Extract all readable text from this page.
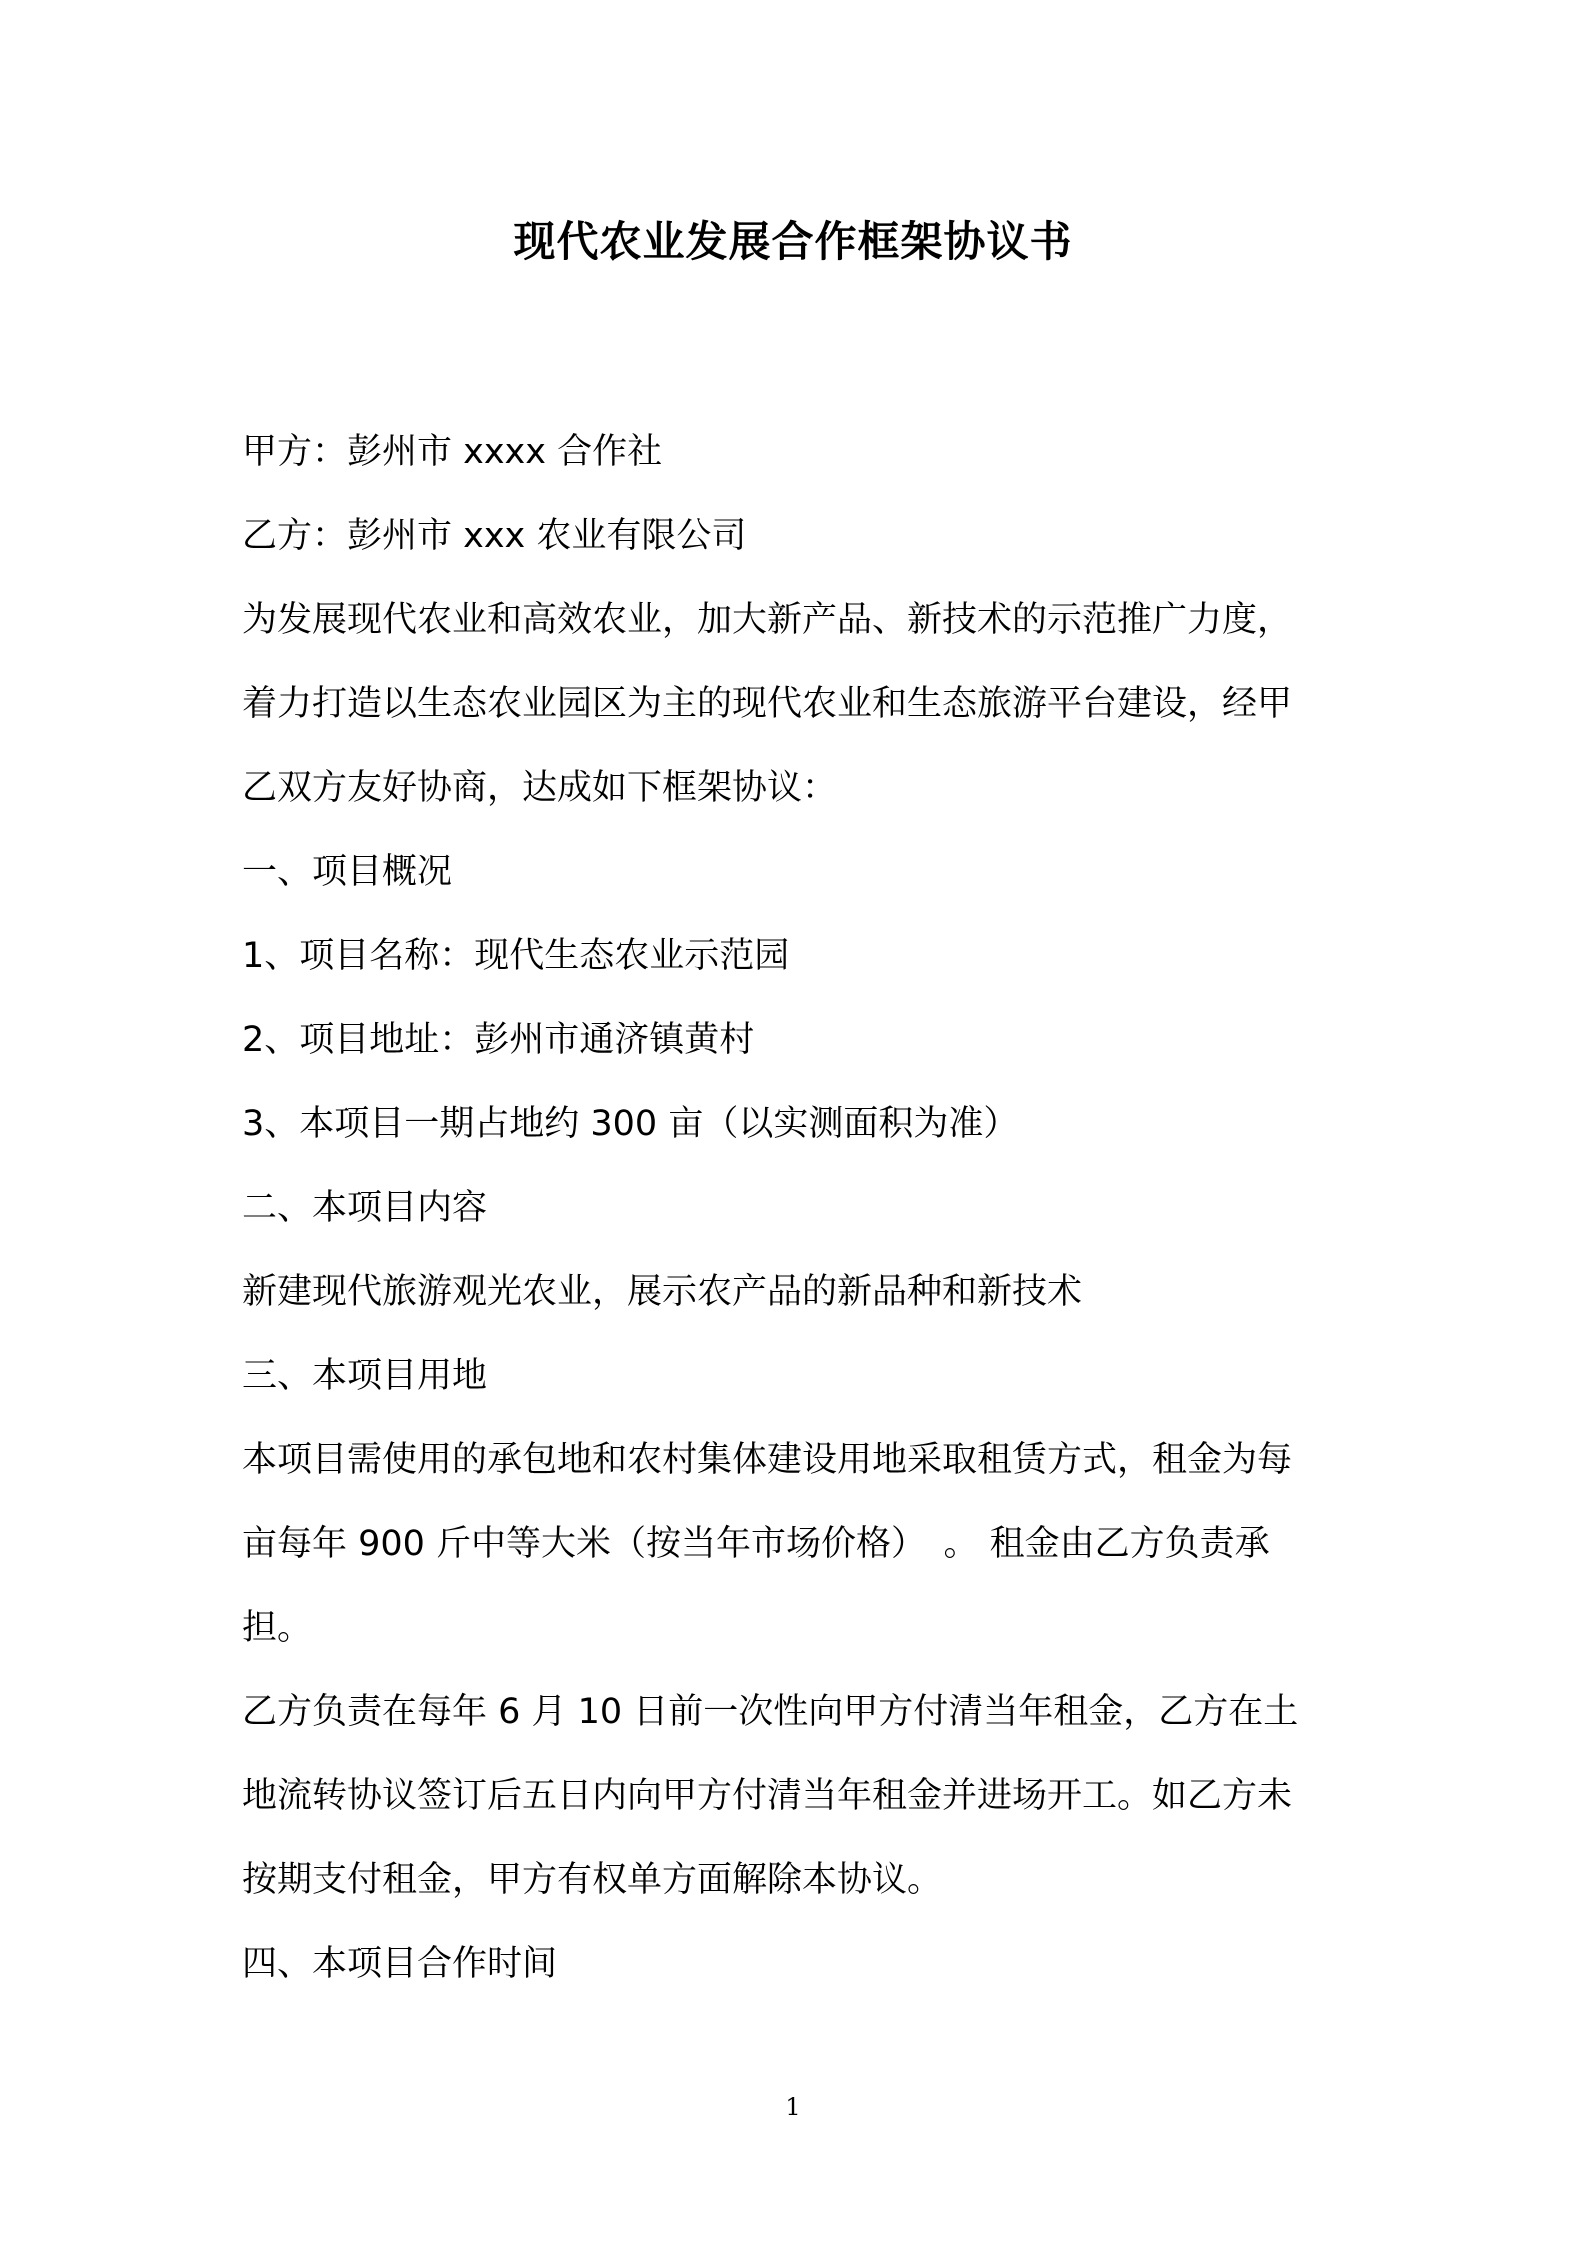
现代农业发展合作框架协议书

甲方：彭州市 xxxx 合作社

乙方：彭州市 xxx 农业有限公司

为发展现代农业和高效农业，加大新产品、新技术的示范推广力度，

着力打造以生态农业园区为主的现代农业和生态旅游平台建设，经甲

乙双方友好协商，达成如下框架协议：

一、项目概况

1、项目名称：现代生态农业示范园

2、项目地址：彭州市通济镇黄村

3、本项目一期占地约 300 亩（以实测面积为准）

二、本项目内容

新建现代旅游观光农业，展示农产品的新品种和新技术

三、本项目用地

本项目需使用的承包地和农村集体建设用地采取租赁方式，租金为每

亩每年 900 斤中等大米（按当年市场价格）　。 租金由乙方负责承

担。

乙方负责在每年 6 月 10 日前一次性向甲方付清当年租金，乙方在土

地流转协议签订后五日内向甲方付清当年租金并进场开工。如乙方未

按期支付租金，甲方有权单方面解除本协议。

四、本项目合作时间

1
